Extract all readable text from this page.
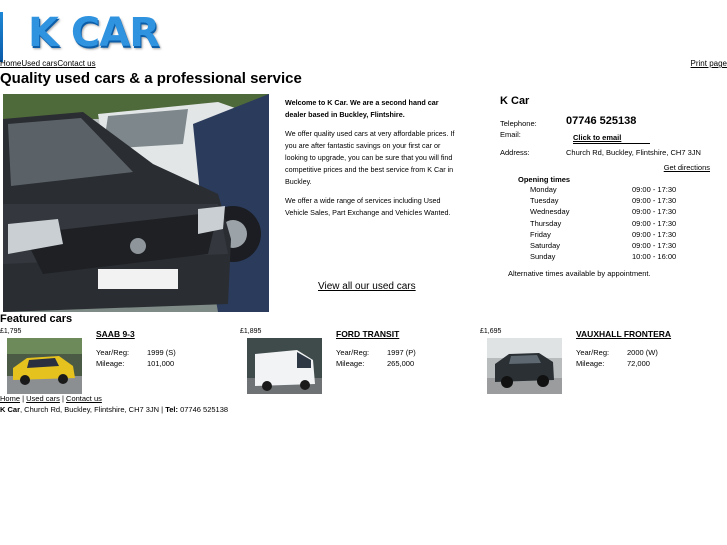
K CAR
HomeUsed carsContact us	Print page
Quality used cars & a professional service

Welcome to K Car. We are a second hand car dealer based in Buckley, Flintshire.

We offer quality used cars at very affordable prices. If you are after fantastic savings on your first car or looking to upgrade, you can be sure that you will find competitive prices and the best service from K Car in Buckley.

We offer a wide range of services including Used Vehicle Sales, Part Exchange and Vehicles Wanted.

View all our used cars
K Car
Telephone:	07746 525138
Email:	Click to email
Address:	Church Rd, Buckley, Flintshire, CH7 3JN
Get directions
Opening times
Monday	09:00 - 17:30
Tuesday	09:00 - 17:30
Wednesday	09:00 - 17:30
Thursday	09:00 - 17:30
Friday	09:00 - 17:30
Saturday	09:00 - 17:30
Sunday	10:00 - 16:00
Alternative times available by appointment.
Featured cars
£1,795	SAAB 9-3
Year/Reg: 1999 (S)
Mileage:	101,000
£1,895	FORD TRANSIT
Year/Reg: 1997 (P)
Mileage:	265,000
£1,695	VAUXHALL FRONTERA
Year/Reg: 2000 (W)
Mileage:	72,000
Home | Used cars | Contact us
K Car, Church Rd, Buckley, Flintshire, CH7 3JN | Tel: 07746 525138
